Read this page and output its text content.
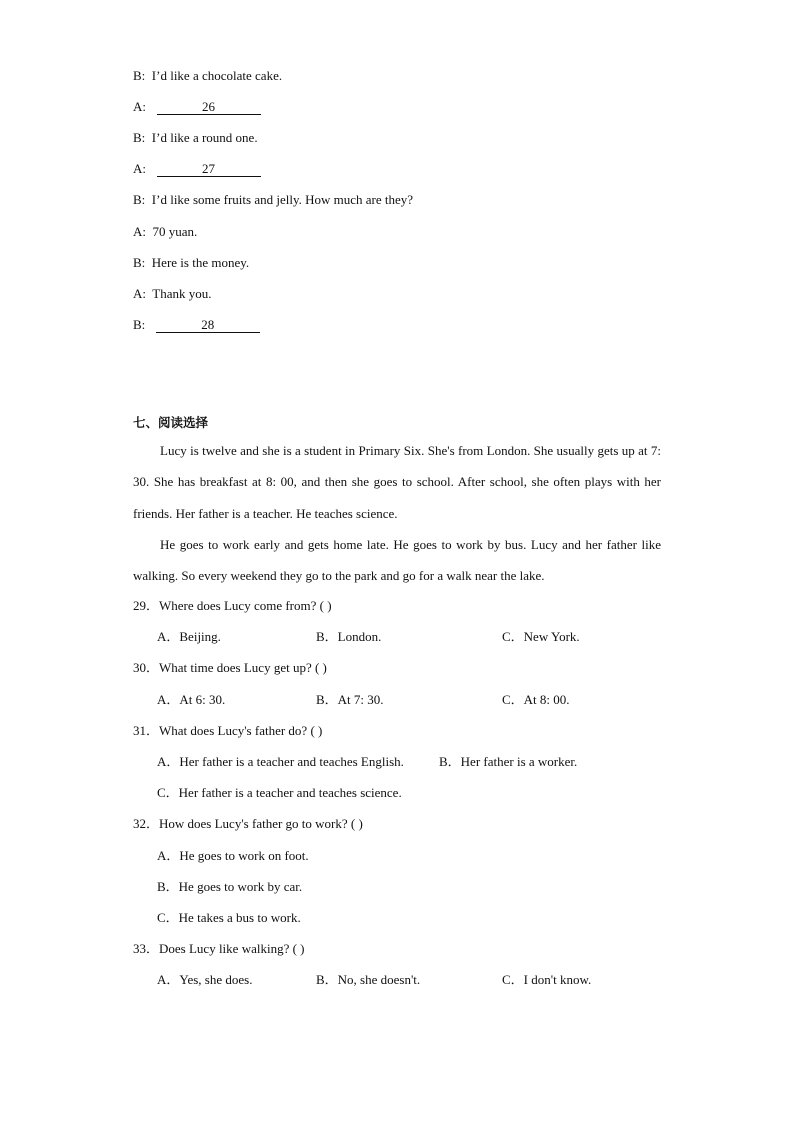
B: I’d like a chocolate cake.
A:	26
B: I’d like a round one.
A:	27
B: I’d like some fruits and jelly. How much are they?
A: 70 yuan.
B: Here is the money.
A: Thank you.
B:	28
七、阅读选择
Lucy is twelve and she is a student in Primary Six. She's from London. She usually gets up at 7: 30. She has breakfast at 8: 00, and then she goes to school. After school, she often plays with her friends. Her father is a teacher. He teaches science.
He goes to work early and gets home late. He goes to work by bus. Lucy and her father like walking. So every weekend they go to the park and go for a walk near the lake.
29．Where does Lucy come from? ( )
A．Beijing.	B．London.	C．New York.
30．What time does Lucy get up? ( )
A．At 6: 30.	B．At 7: 30.	C．At 8: 00.
31．What does Lucy's father do? ( )
A．Her father is a teacher and teaches English.	B．Her father is a worker.
C．Her father is a teacher and teaches science.
32．How does Lucy's father go to work? ( )
A．He goes to work on foot.
B．He goes to work by car.
C．He takes a bus to work.
33．Does Lucy like walking? ( )
A．Yes, she does.	B．No, she doesn't.	C．I don't know.
